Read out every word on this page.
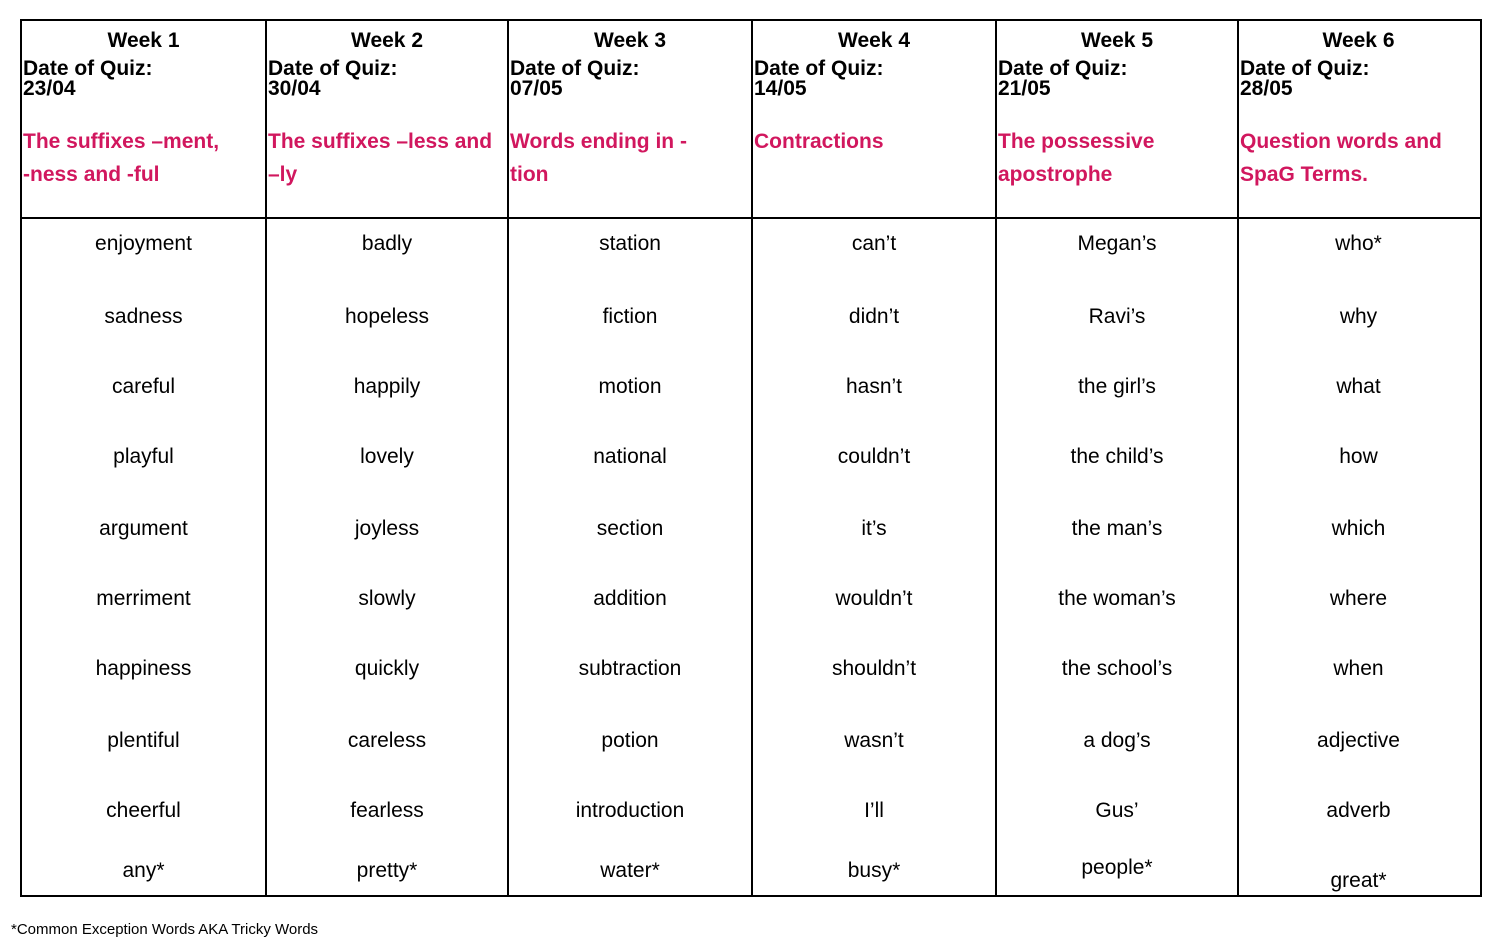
Week 1
Date of Quiz:
23/04
The suffixes –ment,
-ness and -ful
enjoyment
sadness
careful
playful
argument
merriment
happiness
plentiful
cheerful
any*
Week 2
Date of Quiz:
30/04
The suffixes –less and
–ly
badly
hopeless
happily
lovely
joyless
slowly
quickly
careless
fearless
pretty*
Week 3
Date of Quiz:
07/05
Words ending in -
tion
station
fiction
motion
national
section
addition
subtraction
potion
introduction
water*
Week 4
Date of Quiz:
14/05
Contractions
can’t
didn’t
hasn’t
couldn’t
it’s
wouldn’t
shouldn’t
wasn’t
I’ll
busy*
Week 5
Date of Quiz:
21/05
The possessive
apostrophe
Megan’s
Ravi’s
the girl’s
the child’s
the man’s
the woman’s
the school’s
a dog’s
Gus’
people*
Week 6
Date of Quiz:
28/05
Question words and
SpaG Terms.
who*
why
what
how
which
where
when
adjective
adverb
great*
*Common Exception Words AKA Tricky Words
